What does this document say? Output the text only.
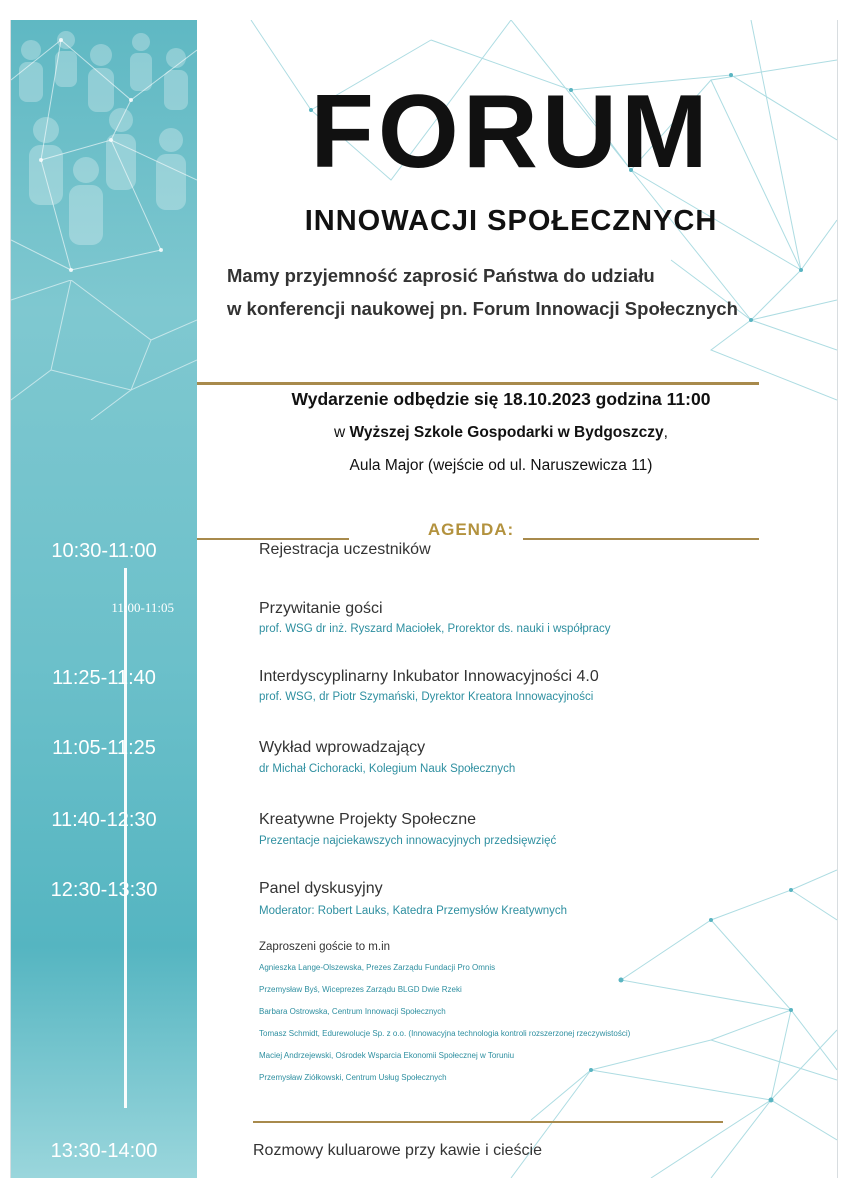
FORUM
INNOWACJI SPOŁECZNYCH
Mamy przyjemność zaprosić Państwa do udziału
w konferencji naukowej pn. Forum Innowacji Społecznych
Wydarzenie odbędzie się 18.10.2023 godzina 11:00
w Wyższej Szkole Gospodarki w Bydgoszczy,
Aula Major (wejście od ul. Naruszewicza 11)
AGENDA:
10:30-11:00
11:00-11:05
11:25-11:40
11:05-11:25
11:40-12:30
12:30-13:30
13:30-14:00
Rejestracja uczestników
Przywitanie gości
prof. WSG dr inż. Ryszard Maciołek, Prorektor ds. nauki i współpracy
Interdyscyplinarny Inkubator Innowacyjności 4.0
prof. WSG, dr Piotr Szymański, Dyrektor Kreatora Innowacyjności
Wykład wprowadzający
dr Michał Cichoracki, Kolegium Nauk Społecznych
Kreatywne Projekty Społeczne
Prezentacje najciekawszych innowacyjnych przedsięwzięć
Panel dyskusyjny
Moderator: Robert Lauks, Katedra Przemysłów Kreatywnych
Zaproszeni goście to m.in
Agnieszka Lange-Olszewska, Prezes Zarządu Fundacji Pro Omnis
Przemysław Byś, Wiceprezes Zarządu BLGD Dwie Rzeki
Barbara Ostrowska, Centrum Innowacji Społecznych
Tomasz Schmidt, Edurewolucje Sp. z o.o. (Innowacyjna technologia kontroli rozszerzonej rzeczywistości)
Maciej Andrzejewski, Ośrodek Wsparcia Ekonomii Społecznej w Toruniu
Przemysław Ziółkowski, Centrum Usług Społecznych
Rozmowy kuluarowe przy kawie i cieście
